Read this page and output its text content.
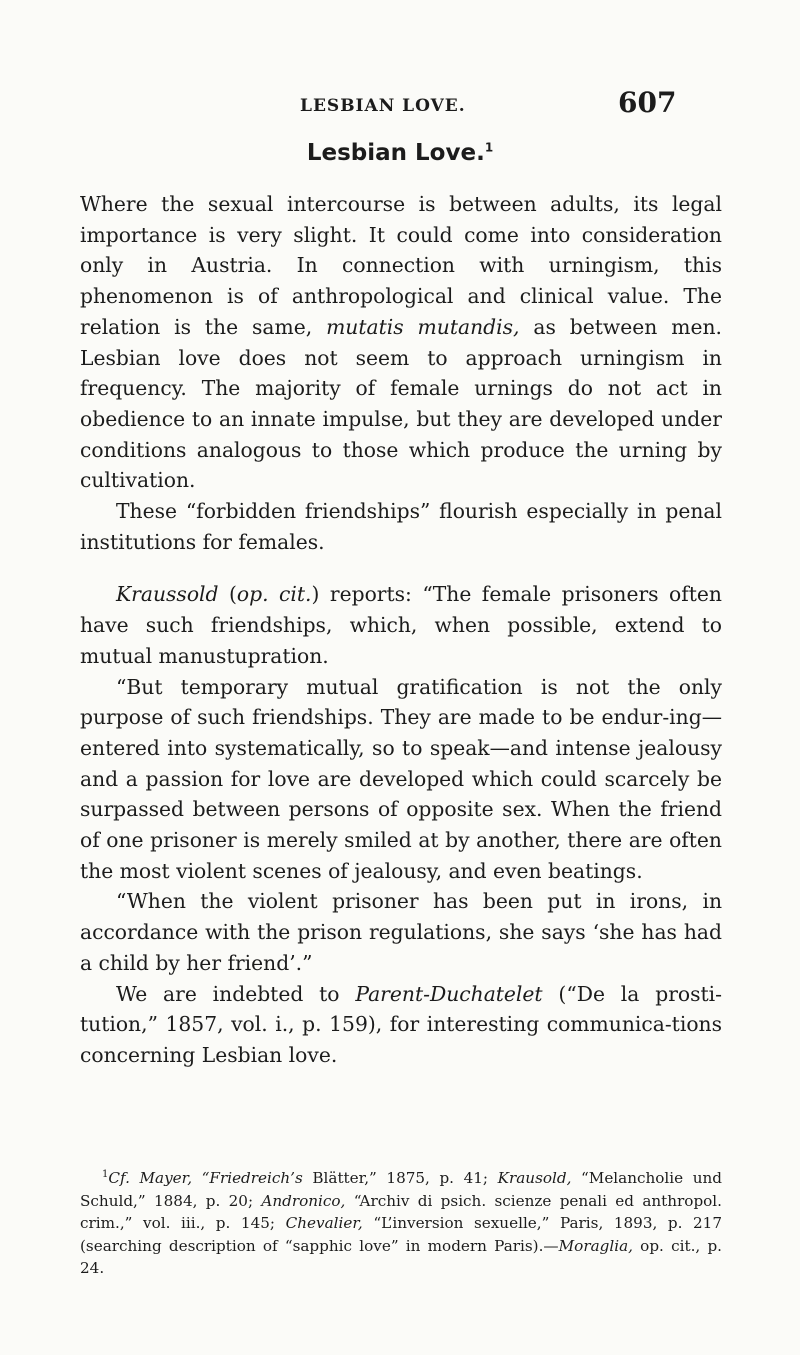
LESBIAN LOVE.	607
Lesbian Love.$^1$

Where the sexual intercourse is between adults, its legal importance is very slight. It could come into consideration only in Austria. In connection with urningism, this phenomenon is of anthropological and clinical value. The relation is the same, mutatis mutandis, as between men. Lesbian love does not seem to approach urningism in frequency. The majority of female urnings do not act in obedience to an innate impulse, but they are developed under conditions analogous to those which produce the urning by cultivation.

These “forbidden friendships” flourish especially in penal institutions for females.

Kraussold (op. cit.) reports: “The female prisoners often have such friendships, which, when possible, extend to mutual manustupration.

“But temporary mutual gratification is not the only purpose of such friendships. They are made to be endur-ing—entered into systematically, so to speak—and intense jealousy and a passion for love are developed which could scarcely be surpassed between persons of opposite sex. When the friend of one prisoner is merely smiled at by another, there are often the most violent scenes of jealousy, and even beatings.

“When the violent prisoner has been put in irons, in accordance with the prison regulations, she says ‘she has had a child by her friend’.”

We are indebted to Parent-Duchatelet (“De la prosti-tution,” 1857, vol. i., p. 159), for interesting communica-tions concerning Lesbian love.

$^1$Cf. Mayer, “Friedreich’s Blätter,” 1875, p. 41; Krausold, “Melancholie und Schuld,” 1884, p. 20; Andronico, “Archiv di psich. scienze penali ed anthropol. crim.,” vol. iii., p. 145; Chevalier, “L’inversion sexuelle,” Paris, 1893, p. 217 (searching description of “sapphic love” in modern Paris).—Moraglia, op. cit., p. 24.
